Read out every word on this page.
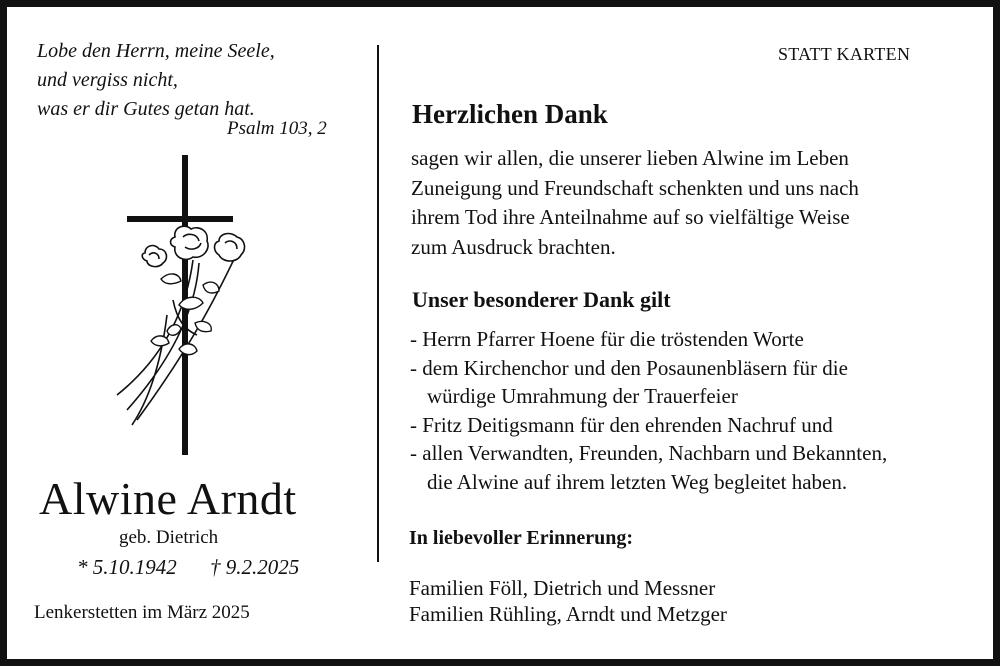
Lobe den Herrn, meine Seele,
und vergiss nicht,
was er dir Gutes getan hat.
Psalm 103, 2
Alwine Arndt
geb. Dietrich
* 5.10.1942 † 9.2.2025
Lenkerstetten im März 2025
STATT KARTEN
Herzlichen Dank
sagen wir allen, die unserer lieben Alwine im Leben
Zuneigung und Freundschaft schenkten und uns nach
ihrem Tod ihre Anteilnahme auf so vielfältige Weise
zum Ausdruck brachten.
Unser besonderer Dank gilt
- Herrn Pfarrer Hoene für die tröstenden Worte
- dem Kirchenchor und den Posaunenbläsern für die
würdige Umrahmung der Trauerfeier
- Fritz Deitigsmann für den ehrenden Nachruf und
- allen Verwandten, Freunden, Nachbarn und Bekannten,
die Alwine auf ihrem letzten Weg begleitet haben.
In liebevoller Erinnerung:
Familien Föll, Dietrich und Messner
Familien Rühling, Arndt und Metzger
